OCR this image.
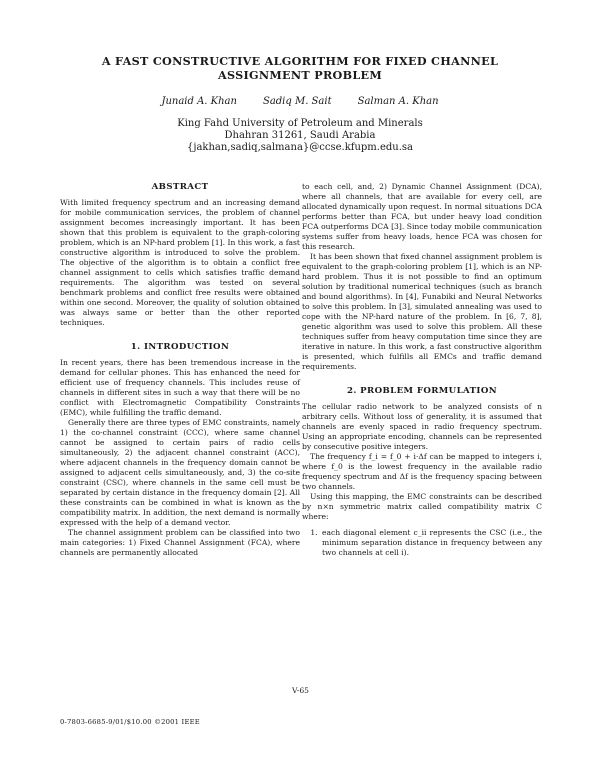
A FAST CONSTRUCTIVE ALGORITHM FOR FIXED CHANNEL ASSIGNMENT PROBLEM
Junaid A. Khan	Sadiq M. Sait	Salman A. Khan
King Fahd University of Petroleum and Minerals
Dhahran 31261, Saudi Arabia
{jakhan,sadiq,salmana}@ccse.kfupm.edu.sa
ABSTRACT

With limited frequency spectrum and an increasing demand for mobile communication services, the problem of channel assignment becomes increasingly important. It has been shown that this problem is equivalent to the graph-coloring problem, which is an NP-hard problem [1]. In this work, a fast constructive algorithm is introduced to solve the problem. The objective of the algorithm is to obtain a conflict free channel assignment to cells which satisfies traffic demand requirements. The algorithm was tested on several benchmark problems and conflict free results were obtained within one second. Moreover, the quality of solution obtained was always same or better than the other reported techniques.

1. INTRODUCTION

In recent years, there has been tremendous increase in the demand for cellular phones. This has enhanced the need for efficient use of frequency channels. This includes reuse of channels in different sites in such a way that there will be no conflict with Electromagnetic Compatibility Constraints (EMC), while fulfilling the traffic demand.

Generally there are three types of EMC constraints, namely 1) the co-channel constraint (CCC), where same channel cannot be assigned to certain pairs of radio cells simultaneously, 2) the adjacent channel constraint (ACC), where adjacent channels in the frequency domain cannot be assigned to adjacent cells simultaneously, and, 3) the co-site constraint (CSC), where channels in the same cell must be separated by certain distance in the frequency domain [2]. All these constraints can be combined in what is known as the compatibility matrix. In addition, the next demand is normally expressed with the help of a demand vector.

The channel assignment problem can be classified into two main categories: 1) Fixed Channel Assignment (FCA), where channels are permanently allocated

to each cell, and, 2) Dynamic Channel Assignment (DCA), where all channels, that are available for every cell, are allocated dynamically upon request. In normal situations DCA performs better than FCA, but under heavy load condition FCA outperforms DCA [3]. Since today mobile communication systems suffer from heavy loads, hence FCA was chosen for this research.

It has been shown that fixed channel assignment problem is equivalent to the graph-coloring problem [1], which is an NP-hard problem. Thus it is not possible to find an optimum solution by traditional numerical techniques (such as branch and bound algorithms). In [4], Funabiki and Neural Networks to solve this problem. In [3], simulated annealing was used to cope with the NP-hard nature of the problem. In [6, 7, 8], genetic algorithm was used to solve this problem. All these techniques suffer from heavy computation time since they are iterative in nature. In this work, a fast constructive algorithm is presented, which fulfills all EMCs and traffic demand requirements.

2. PROBLEM FORMULATION

The cellular radio network to be analyzed consists of n arbitrary cells. Without loss of generality, it is assumed that channels are evenly spaced in radio frequency spectrum. Using an appropriate encoding, channels can be represented by consecutive positive integers.

The frequency f_i = f_0 + i·Δf can be mapped to integers i, where f_0 is the lowest frequency in the available radio frequency spectrum and Δf is the frequency spacing between two channels.

Using this mapping, the EMC constraints can be described by n×n symmetric matrix called compatibility matrix C where:

1. each diagonal element c_ii represents the CSC (i.e., the minimum separation distance in frequency between any two channels at cell i).
V-65
0-7803-6685-9/01/$10.00 ©2001 IEEE
